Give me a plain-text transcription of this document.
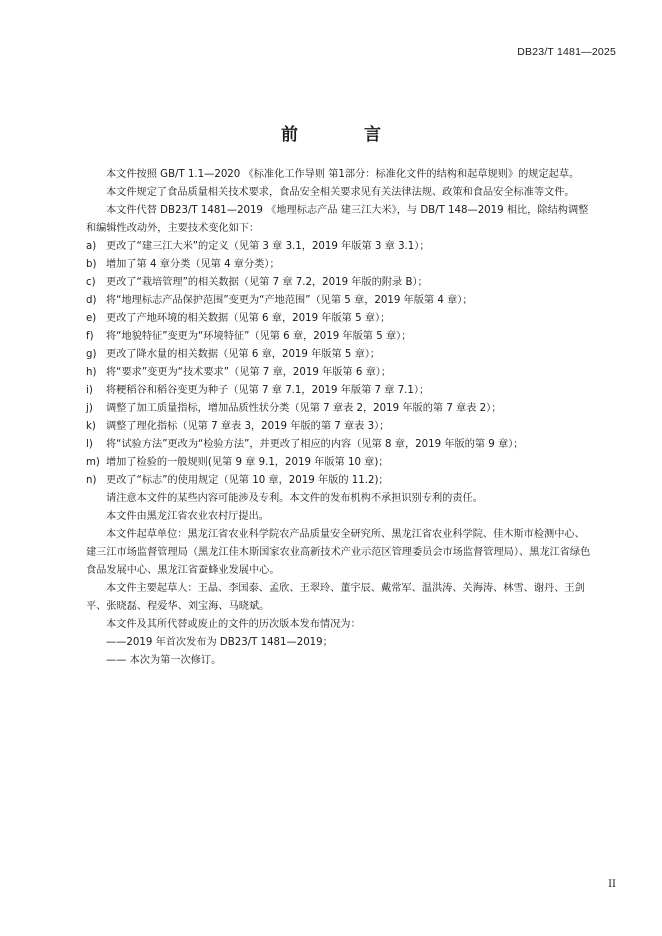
DB23/T 1481—2025
前 言

本文件按照 GB/T 1.1—2020 《标准化工作导则 第1部分：标准化文件的结构和起草规则》的规定起草。

本文件规定了食品质量相关技术要求，食品安全相关要求见有关法律法规、政策和食品安全标准等文件。

本文件代替 DB23/T 1481—2019 《地理标志产品 建三江大米》，与 DB/T 148—2019 相比，除结构调整和编辑性改动外，主要技术变化如下：

a) 更改了“建三江大米”的定义（见第 3 章 3.1，2019 年版第 3 章 3.1）；
b) 增加了第 4 章分类（见第 4 章分类）；
c)	更改了“栽培管理”的相关数据（见第 7 章 7.2，2019 年版的附录 B）；
d) 将“地理标志产品保护范围”变更为“产地范围”（见第 5 章，2019 年版第 4 章）；
e) 更改了产地环境的相关数据（见第 6 章，2019 年版第 5 章）；
f)	将“地貌特征”变更为“环境特征”（见第 6 章，2019 年版第 5 章）；
g) 更改了降水量的相关数据（见第 6 章，2019 年版第 5 章）；
h) 将“要求”变更为“技术要求”（见第 7 章，2019 年版第 6 章）；
i)	将粳稻谷和稻谷变更为种子（见第 7 章 7.1，2019 年版第 7 章 7.1）；
j)	调整了加工质量指标，增加品质性状分类（见第 7 章表 2，2019 年版的第 7 章表 2）；
k) 调整了理化指标（见第 7 章表 3，2019 年版的第 7 章表 3）；
l)	将“试验方法”更改为“检验方法”，并更改了相应的内容（见第 8 章，2019 年版的第 9 章）；
m) 增加了检验的一般规则(见第 9 章 9.1，2019 年版第 10 章)；
n) 更改了“标志”的使用规定（见第 10 章，2019 年版的 11.2)；

请注意本文件的某些内容可能涉及专利。本文件的发布机构不承担识别专利的责任。

本文件由黑龙江省农业农村厅提出。

本文件起草单位：黑龙江省农业科学院农产品质量安全研究所、黑龙江省农业科学院、佳木斯市检测中心、建三江市场监督管理局（黑龙江佳木斯国家农业高新技术产业示范区管理委员会市场监督管理局）、黑龙江省绿色食品发展中心、黑龙江省蚕蜂业发展中心。

本文件主要起草人：王晶、李国泰、孟欣、王翠玲、董宇辰、戴常军、温洪涛、关海涛、林雪、谢丹、王剑平、张晓磊、程爱华、刘宝海、马晓斌。

本文件及其所代替或废止的文件的历次版本发布情况为：

——2019 年首次发布为 DB23/T 1481—2019；

—— 本次为第一次修订。

II
